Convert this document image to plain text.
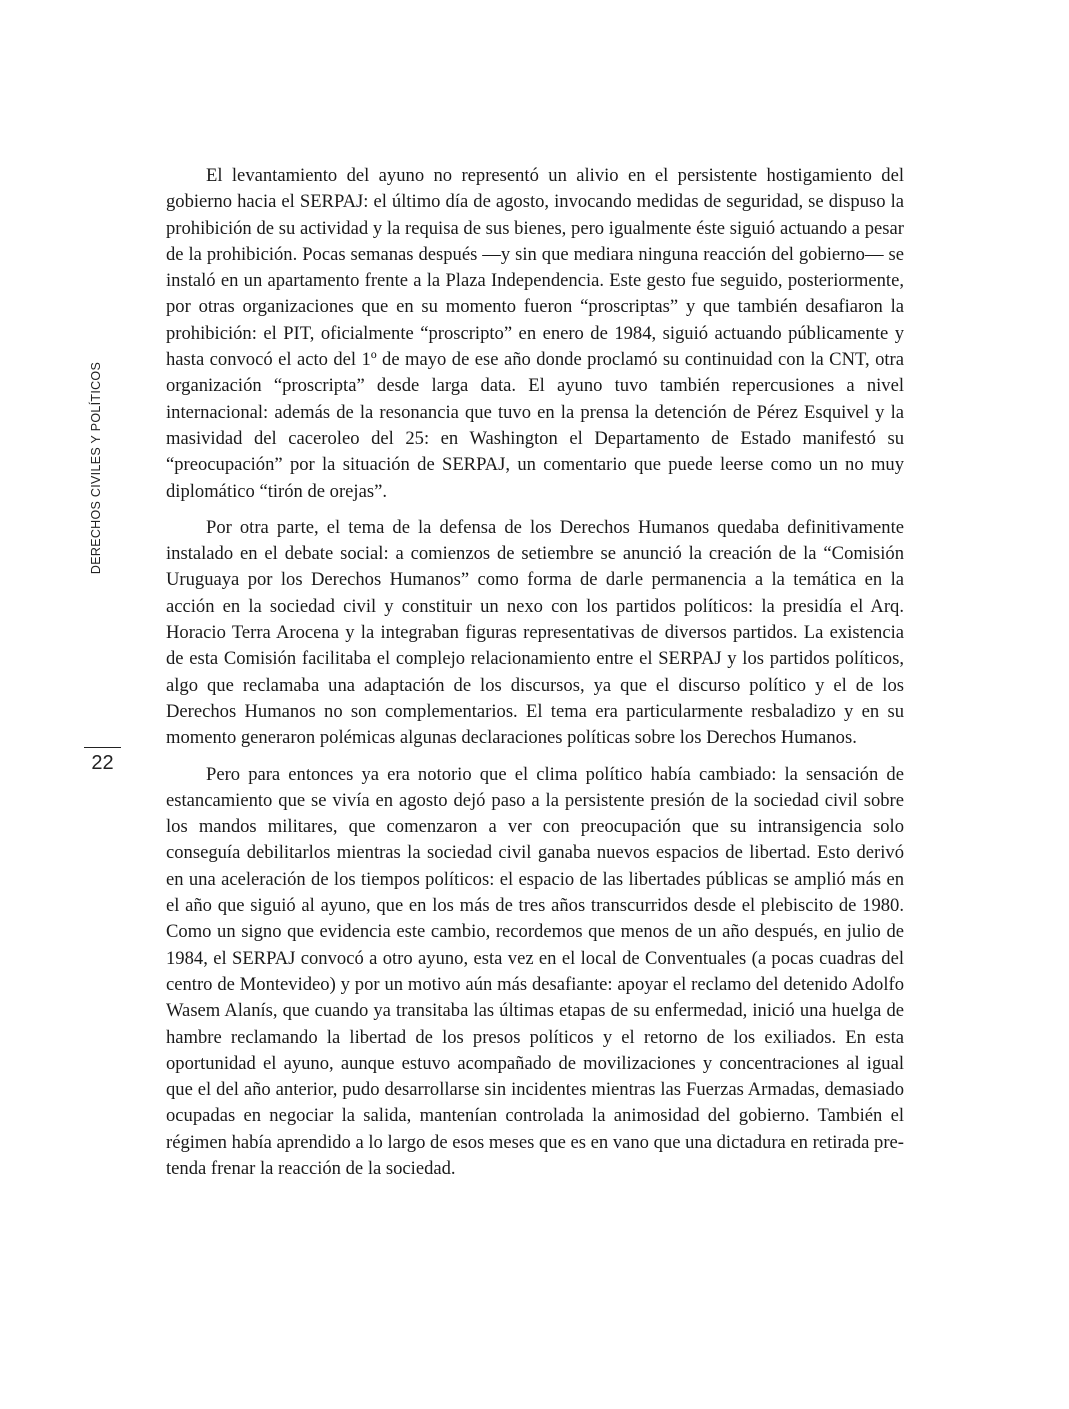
DERECHOS CIVILES Y POLÍTICOS
22

El levantamiento del ayuno no representó un alivio en el persistente hostigamiento del gobierno hacia el SERPAJ: el último día de agosto, invocando medidas de seguridad, se dispuso la prohibición de su actividad y la requisa de sus bienes, pero igualmente éste siguió actuando a pesar de la prohibición. Pocas semanas después —y sin que mediara ninguna reacción del gobierno— se instaló en un apartamento frente a la Plaza Independencia. Este gesto fue seguido, posteriormente, por otras organizaciones que en su momento fueron “proscriptas” y que también desafiaron la prohibición: el PIT, oficialmente “proscripto” en enero de 1984, siguió actuando públicamente y hasta convocó el acto del 1º de mayo de ese año donde proclamó su continuidad con la CNT, otra organización “proscripta” desde larga data. El ayuno tuvo también repercusiones a nivel internacional: además de la resonancia que tuvo en la prensa la detención de Pérez Esquivel y la masividad del caceroleo del 25: en Washington el Departamento de Estado manifestó su “preocupación” por la situación de SERPAJ, un comentario que puede leerse como un no muy diplomático “tirón de orejas”.

Por otra parte, el tema de la defensa de los Derechos Humanos quedaba definitivamente instalado en el debate social: a comienzos de setiembre se anunció la creación de la “Comisión Uruguaya por los Derechos Humanos” como forma de darle permanencia a la temática en la acción en la sociedad civil y constituir un nexo con los partidos políticos: la presidía el Arq. Horacio Terra Arocena y la integraban figuras representativas de diversos partidos. La existencia de esta Comisión facilitaba el complejo relacionamiento entre el SERPAJ y los partidos políticos, algo que reclamaba una adaptación de los discursos, ya que el discurso político y el de los Derechos Humanos no son complementarios. El tema era particularmente resbaladizo y en su momento generaron polémicas algunas declaraciones políticas sobre los Derechos Humanos.

Pero para entonces ya era notorio que el clima político había cambiado: la sensación de estancamiento que se vivía en agosto dejó paso a la persistente presión de la sociedad civil sobre los mandos militares, que comenzaron a ver con preocupación que su intransigencia solo conseguía debilitarlos mientras la sociedad civil ganaba nuevos espacios de libertad. Esto derivó en una aceleración de los tiempos políticos: el espacio de las libertades públicas se amplió más en el año que siguió al ayuno, que en los más de tres años transcurridos desde el plebiscito de 1980. Como un signo que evidencia este cambio, recordemos que menos de un año después, en julio de 1984, el SERPAJ convocó a otro ayuno, esta vez en el local de Conventuales (a pocas cuadras del centro de Montevideo) y por un motivo aún más desafiante: apoyar el reclamo del detenido Adolfo Wasem Alanís, que cuando ya transitaba las últimas etapas de su enfermedad, inició una huelga de hambre reclamando la libertad de los presos políticos y el retorno de los exiliados. En esta oportunidad el ayuno, aunque estuvo acompañado de movilizaciones y concentraciones al igual que el del año anterior, pudo desarrollarse sin incidentes mientras las Fuerzas Armadas, demasiado ocupadas en negociar la salida, mantenían controlada la animosidad del gobierno. También el régimen había aprendido a lo largo de esos meses que es en vano que una dictadura en retirada pretenda frenar la reacción de la sociedad.
